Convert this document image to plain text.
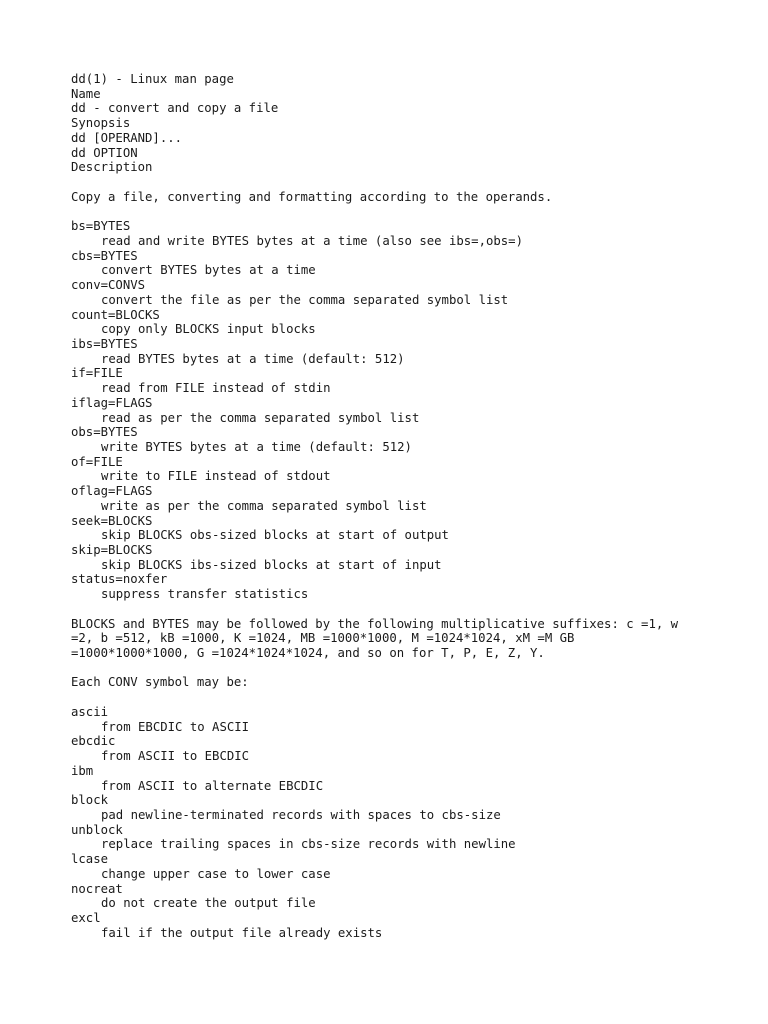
dd(1) - Linux man page
Name
dd - convert and copy a file
Synopsis
dd [OPERAND]...
dd OPTION
Description
Copy a file, converting and formatting according to the operands.
bs=BYTES
read and write BYTES bytes at a time (also see ibs=,obs=)
cbs=BYTES
convert BYTES bytes at a time
conv=CONVS
convert the file as per the comma separated symbol list
count=BLOCKS
copy only BLOCKS input blocks
ibs=BYTES
read BYTES bytes at a time (default: 512)
if=FILE
read from FILE instead of stdin
iflag=FLAGS
read as per the comma separated symbol list
obs=BYTES
write BYTES bytes at a time (default: 512)
of=FILE
write to FILE instead of stdout
oflag=FLAGS
write as per the comma separated symbol list
seek=BLOCKS
skip BLOCKS obs-sized blocks at start of output
skip=BLOCKS
skip BLOCKS ibs-sized blocks at start of input
status=noxfer
suppress transfer statistics
BLOCKS and BYTES may be followed by the following multiplicative suffixes: c =1, w
=2, b =512, kB =1000, K =1024, MB =1000*1000, M =1024*1024, xM =M GB
=1000*1000*1000, G =1024*1024*1024, and so on for T, P, E, Z, Y.
Each CONV symbol may be:
ascii
from EBCDIC to ASCII
ebcdic
from ASCII to EBCDIC
ibm
from ASCII to alternate EBCDIC
block
pad newline-terminated records with spaces to cbs-size
unblock
replace trailing spaces in cbs-size records with newline
lcase
change upper case to lower case
nocreat
do not create the output file
excl
fail if the output file already exists
